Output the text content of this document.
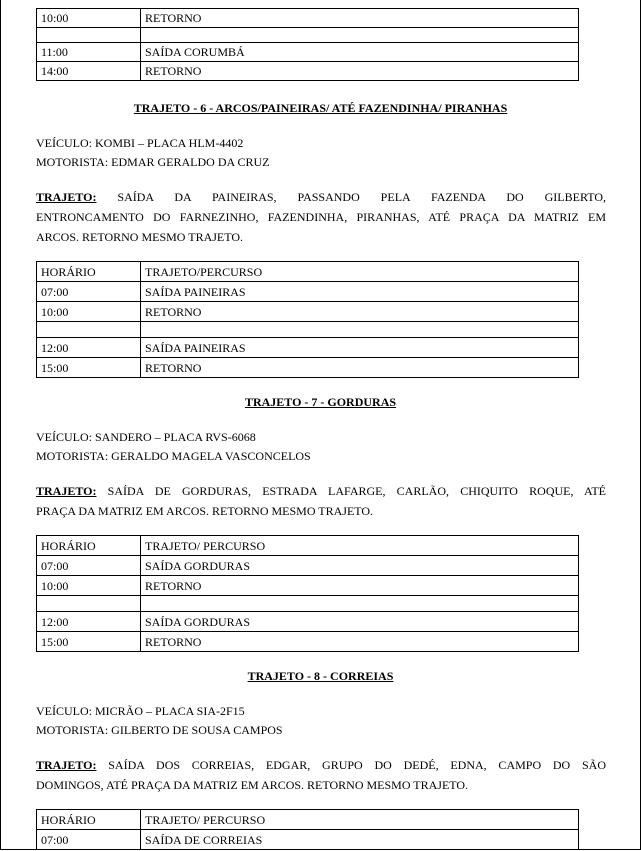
10:00	RETORNO

11:00	SAÍDA CORUMBÁ
14:00	RETORNO
TRAJETO - 6 - ARCOS/PAINEIRAS/ ATÉ FAZENDINHA/ PIRANHAS
VEÍCULO: KOMBI – PLACA HLM-4402
MOTORISTA: EDMAR GERALDO DA CRUZ
TRAJETO: SAÍDA DA PAINEIRAS, PASSANDO PELA FAZENDA DO GILBERTO,
ENTRONCAMENTO DO FARNEZINHO, FAZENDINHA, PIRANHAS, ATÉ PRAÇA DA MATRIZ EM
ARCOS. RETORNO MESMO TRAJETO.
HORÁRIO	TRAJETO/PERCURSO
07:00	SAÍDA PAINEIRAS
10:00	RETORNO

12:00	SAÍDA PAINEIRAS
15:00	RETORNO
TRAJETO - 7 - GORDURAS
VEÍCULO: SANDERO – PLACA RVS-6068
MOTORISTA: GERALDO MAGELA VASCONCELOS
TRAJETO: SAÍDA DE GORDURAS, ESTRADA LAFARGE, CARLÃO, CHIQUITO ROQUE, ATÉ
PRAÇA DA MATRIZ EM ARCOS. RETORNO MESMO TRAJETO.
HORÁRIO	TRAJETO/ PERCURSO
07:00	SAÍDA GORDURAS
10:00	RETORNO

12:00	SAÍDA GORDURAS
15:00	RETORNO
TRAJETO - 8 - CORREIAS
VEÍCULO: MICRÃO – PLACA SIA-2F15
MOTORISTA: GILBERTO DE SOUSA CAMPOS
TRAJETO: SAÍDA DOS CORREIAS, EDGAR, GRUPO DO DEDÉ, EDNA, CAMPO DO SÃO
DOMINGOS, ATÉ PRAÇA DA MATRIZ EM ARCOS. RETORNO MESMO TRAJETO.
HORÁRIO	TRAJETO/ PERCURSO
07:00	SAÍDA DE CORREIAS
